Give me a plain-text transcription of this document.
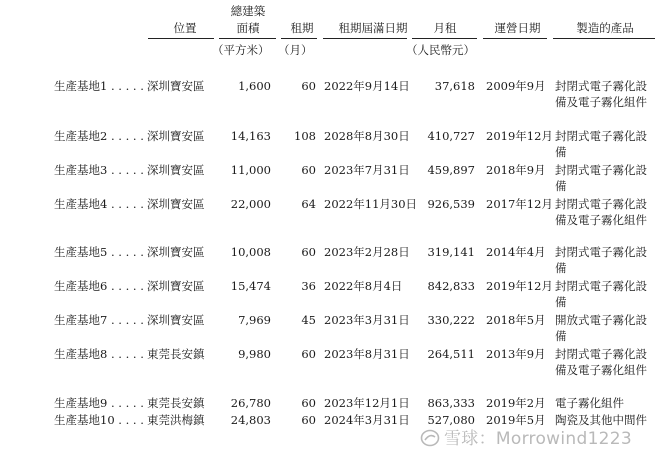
位置
總建築
面積	租期	租期屆滿日期	月租	運營日期	製造的產品
（平方米） （月）	（人民幣元）
生產基地1 . . . . . 深圳寶安區	1,600	60 2022年9月14日 37,618 2009年9月 封閉式電子霧化設備及電子霧化組件
生產基地2 . . . . . 深圳寶安區 14,163 108 2028年8月30日 410,727 2019年12月 封閉式電子霧化設備
生產基地3 . . . . . 深圳寶安區 11,000	60 2023年7月31日 459,897 2018年9月 封閉式電子霧化設備
生產基地4 . . . . . 深圳寶安區 22,000	64 2022年11月30日 926,539 2017年12月 封閉式電子霧化設備及電子霧化組件
生產基地5 . . . . . 深圳寶安區 10,008	60 2023年2月28日 319,141 2014年4月 封閉式電子霧化設備
生產基地6 . . . . . 深圳寶安區 15,474	36 2022年8月4日 842,833 2019年12月 封閉式電子霧化設備
生產基地7 . . . . . 深圳寶安區	7,969	45 2023年3月31日 330,222 2018年5月 開放式電子霧化設備
生產基地8 . . . . . 東莞長安鎮	9,980	60 2023年8月31日 264,511 2013年9月 封閉式電子霧化設備及電子霧化組件
生產基地9 . . . . . 東莞長安鎮 26,780	60 2023年12月1日 863,333 2019年2月 電子霧化組件
生產基地10 . . . . 東莞洪梅鎮 24,803	60 2024年3月31日 527,080 2019年5月 陶瓷及其他中間件
雪球：Morrowind1223
